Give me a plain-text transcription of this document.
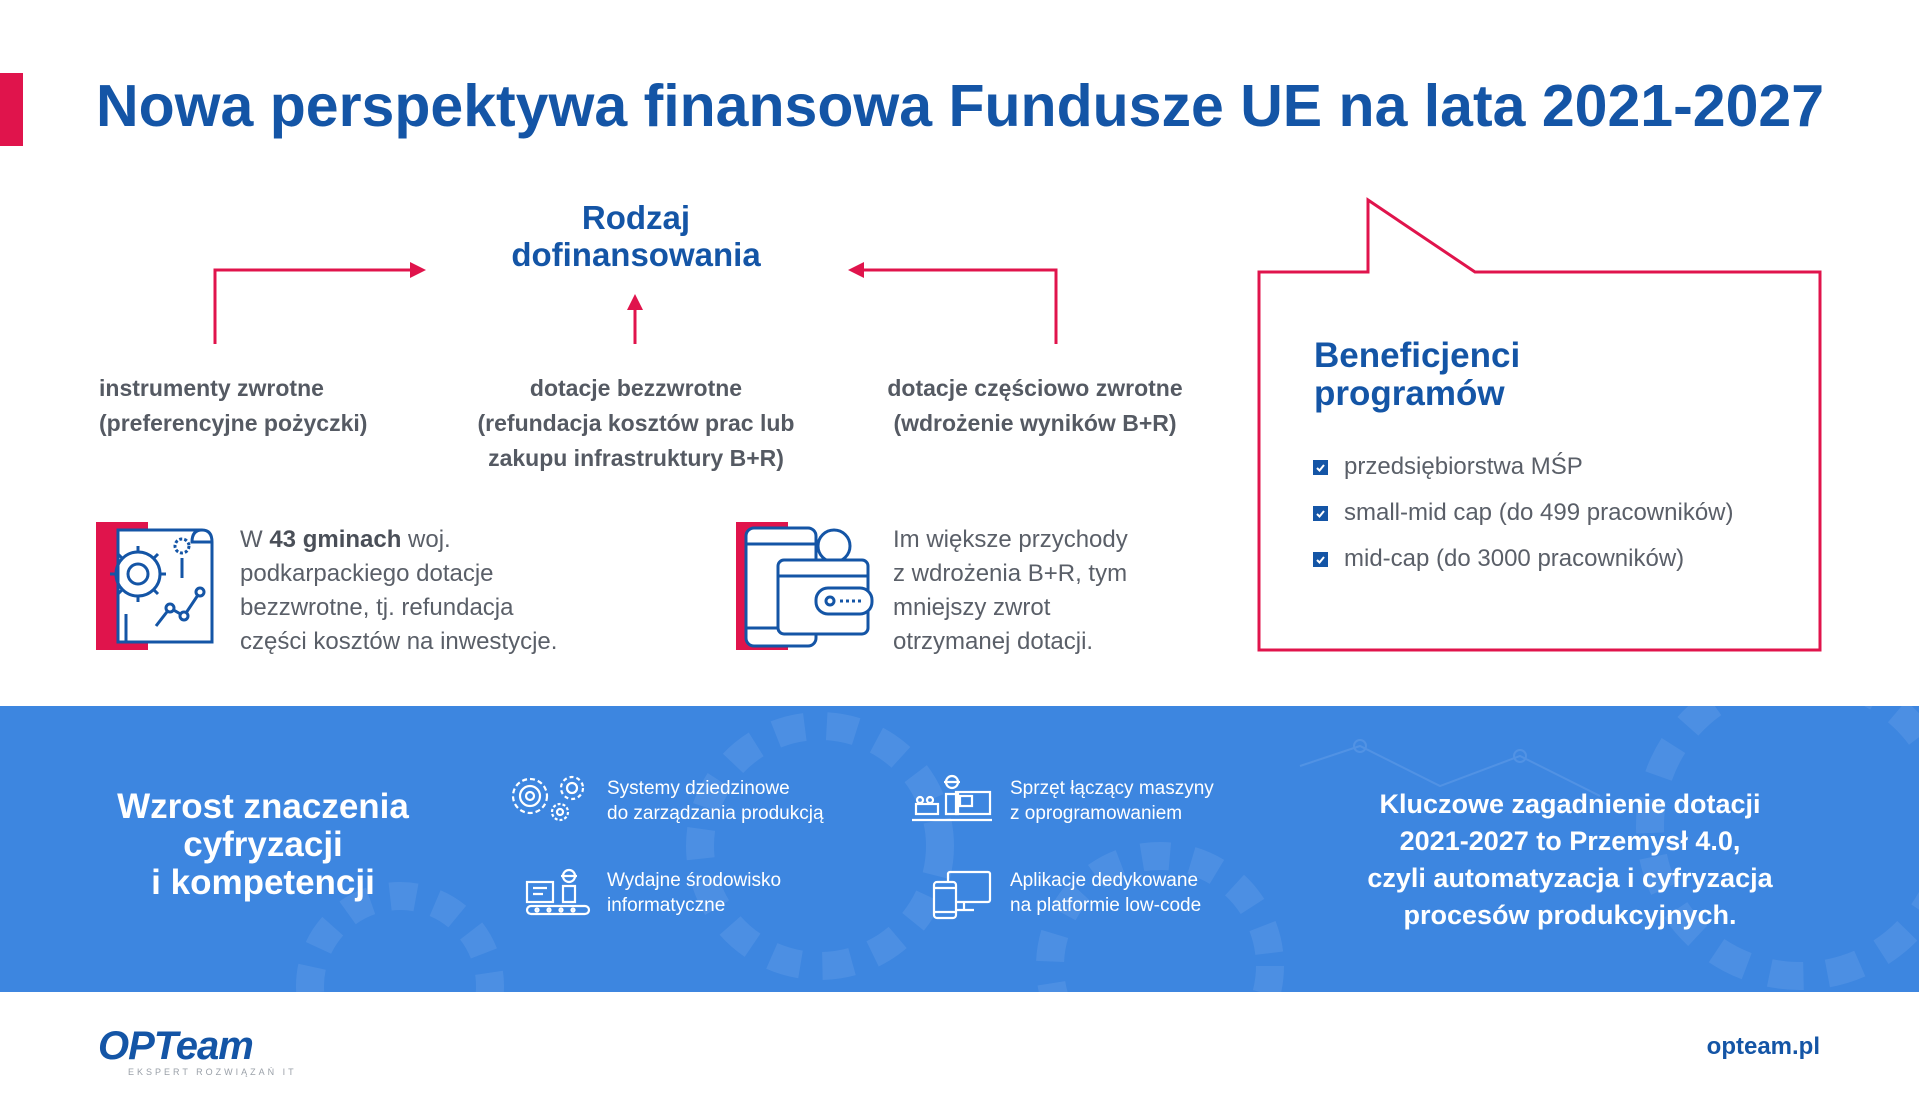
Nowa perspektywa finansowa Fundusze UE na lata 2021-2027
Rodzaj
dofinansowania
instrumenty zwrotne
(preferencyjne pożyczki)
dotacje bezzwrotne
(refundacja kosztów prac lub
zakupu infrastruktury B+R)
dotacje częściowo zwrotne
(wdrożenie wyników B+R)
W 43 gminach woj.
podkarpackiego dotacje
bezzwrotne, tj. refundacja
części kosztów na inwestycje.
Im większe przychody
z wdrożenia B+R, tym
mniejszy zwrot
otrzymanej dotacji.
Beneficjenci
programów
przedsiębiorstwa MŚP
small-mid cap (do 499 pracowników)
mid-cap (do 3000 pracowników)
Wzrost znaczenia
cyfryzacji
i kompetencji
Systemy dziedzinowe
do zarządzania produkcją
Sprzęt łączący maszyny
z oprogramowaniem
Wydajne środowisko
informatyczne
Aplikacje dedykowane
na platformie low-code
Kluczowe zagadnienie dotacji
2021-2027 to Przemysł 4.0,
czyli automatyzacja i cyfryzacja
procesów produkcyjnych.
OPTeam
EKSPERT ROZWIĄZAŃ IT
opteam.pl
